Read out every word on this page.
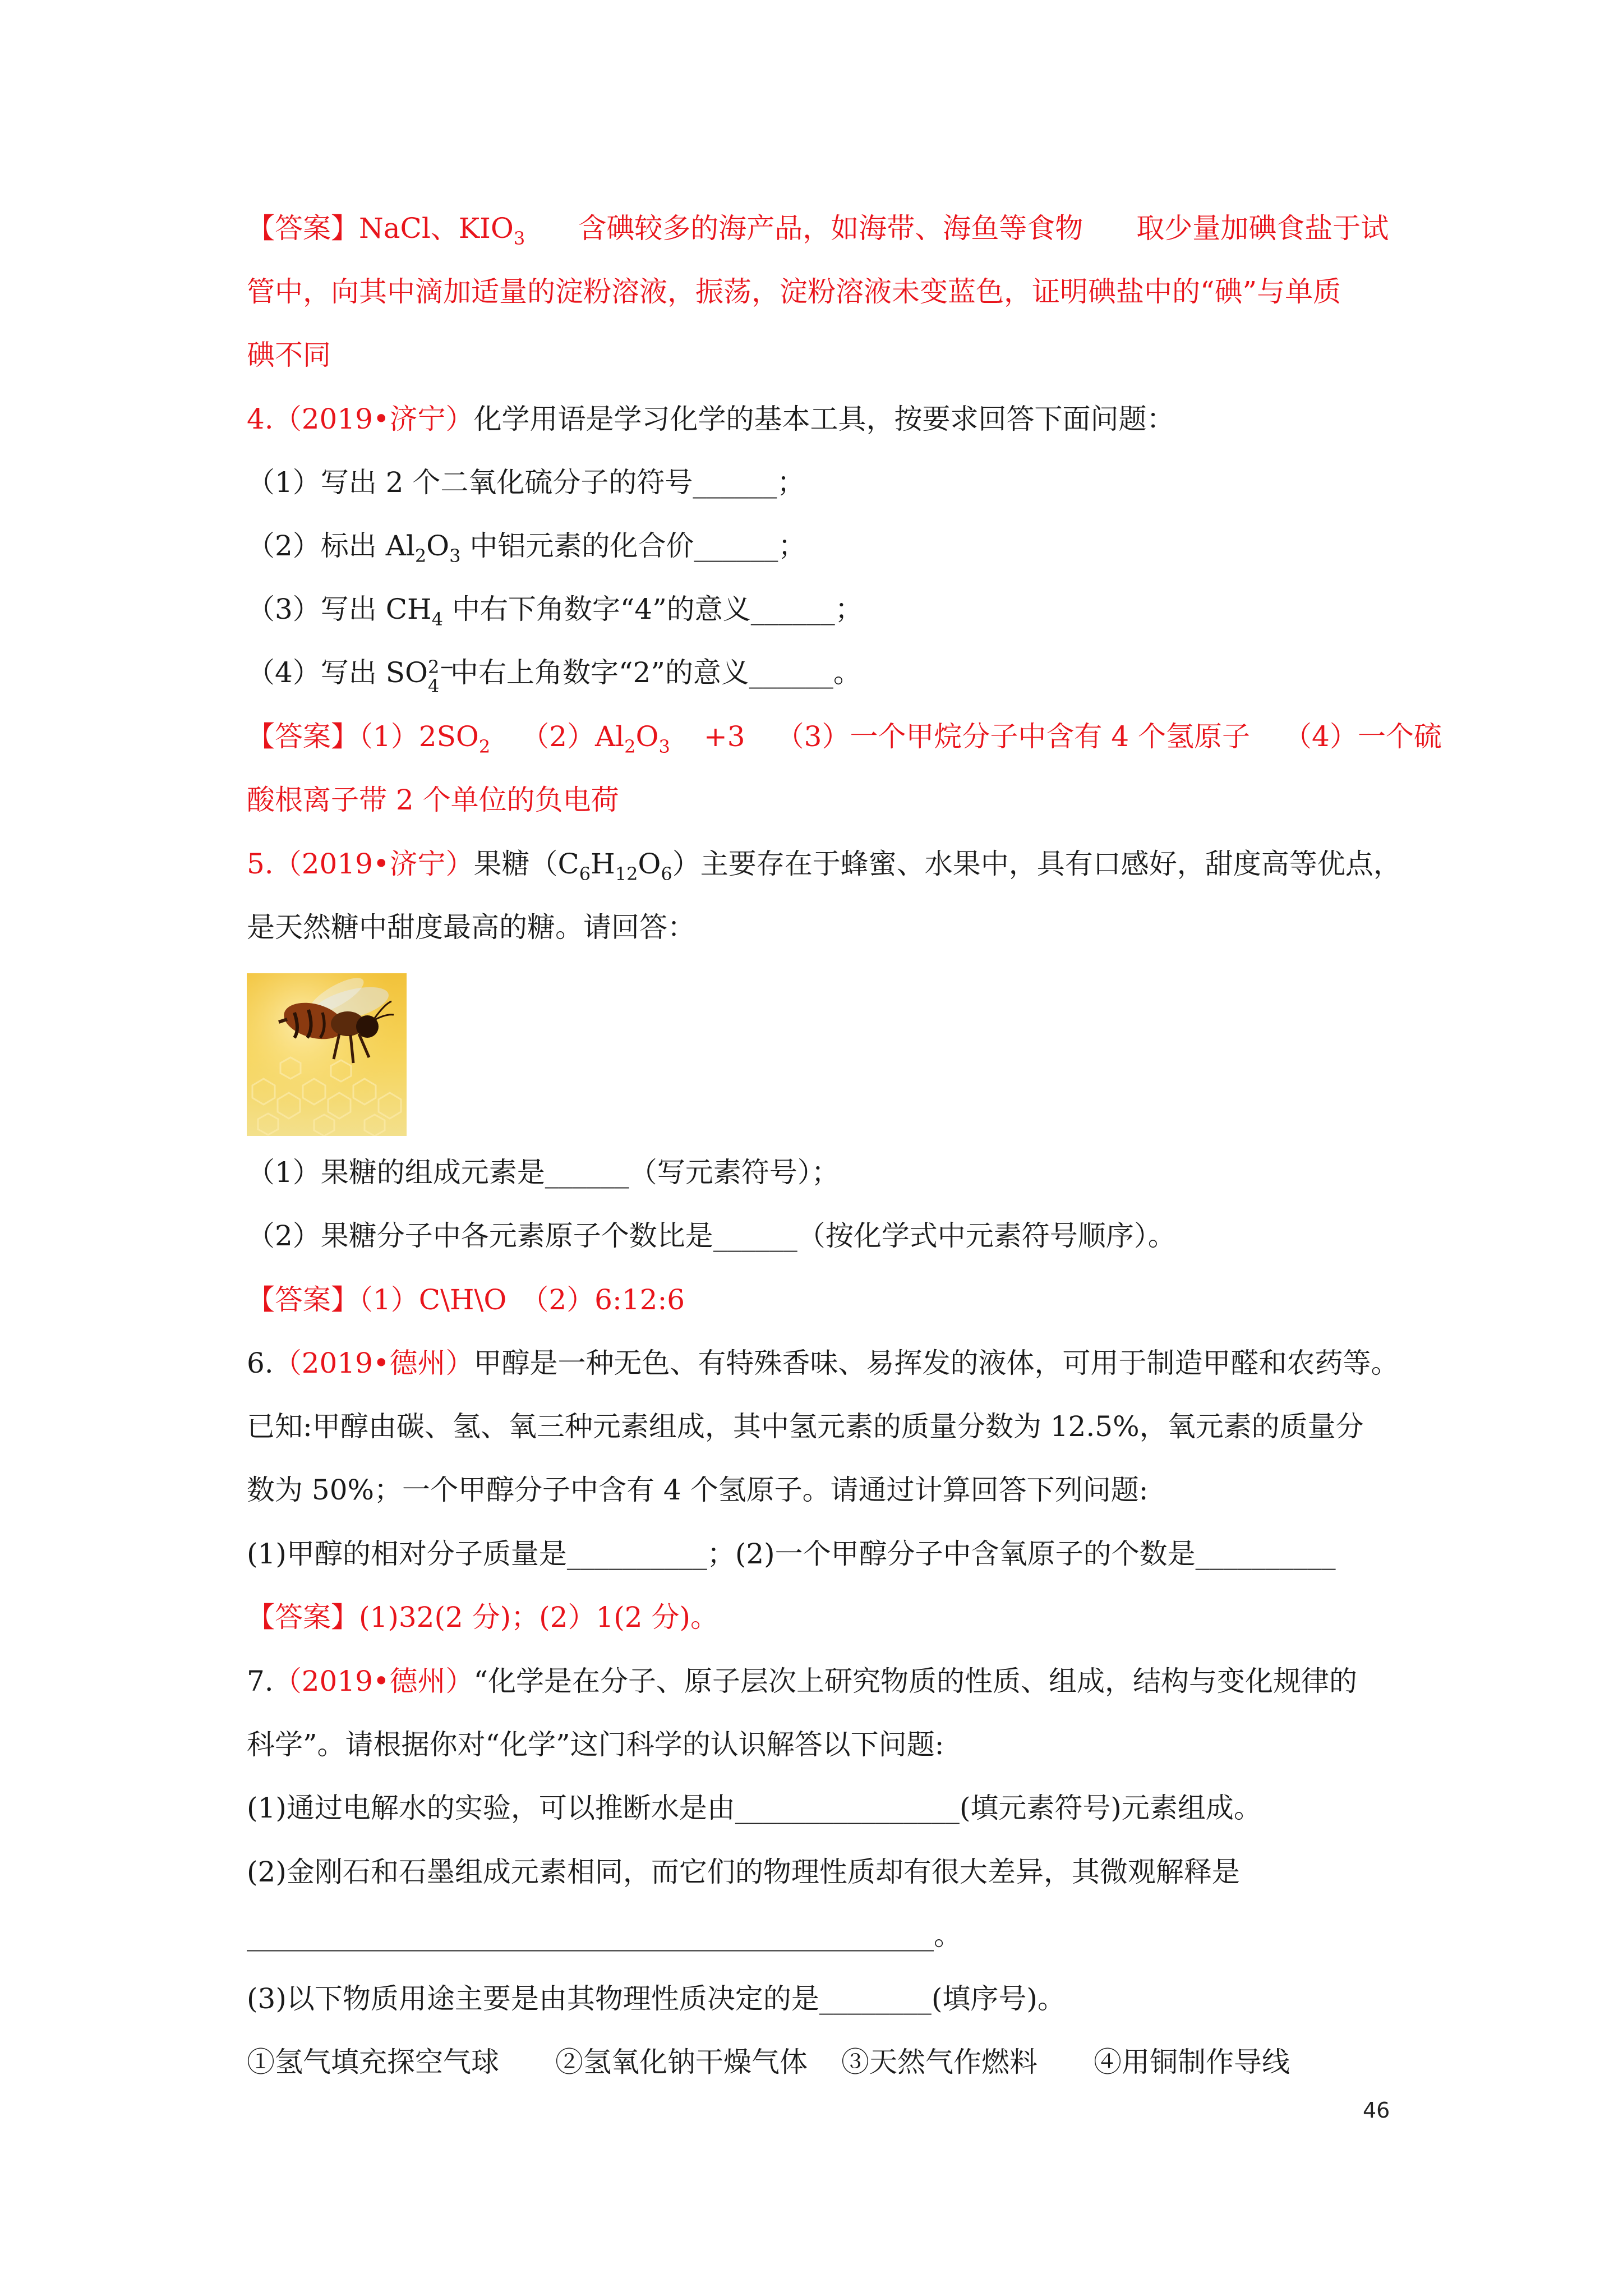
【答案】NaCl、$KIO_3$ 含碘较多的海产品，如海带、海鱼等食物 取少量加碘食盐于试
管中，向其中滴加适量的淀粉溶液，振荡，淀粉溶液未变蓝色，证明碘盐中的“碘”与单质
碘不同
4.（2019•济宁）化学用语是学习化学的基本工具，按要求回答下面问题：
（1）写出 2 个二氧化硫分子的符号______；
（2）标出 $Al_2O_3$ 中铝元素的化合价______；
（3）写出 $CH_4$ 中右下角数字“4”的意义______；
（4）写出 SO 2−
4 中右上角数字“2”的意义______。
【答案】$(1)2SO_2$ $(2)Al_2O_3 +3$ （3）一个甲烷分子中含有 4 个氢原子 （4）一个硫
酸根离子带 2 个单位的负电荷
5.（2019•济宁）果糖$(C_6H_{12}O_6)$主要存在于蜂蜜、水果中，具有口感好，甜度高等优点，
是天然糖中甜度最高的糖。请回答：
（1）果糖的组成元素是______（写元素符号）；
（2）果糖分子中各元素原子个数比是______（按化学式中元素符号顺序）。
【答案】（1）C\H\O　（2）6:12:6
6.（2019•德州）甲醇是一种无色、有特殊香味、易挥发的液体，可用于制造甲醛和农药等。
已知:甲醇由碳、氢、氧三种元素组成，其中氢元素的质量分数为 12.5%，氧元素的质量分
数为 50%；一个甲醇分子中含有 4 个氢原子。请通过计算回答下列问题:
(1)甲醇的相对分子质量是__________；(2)一个甲醇分子中含氧原子的个数是__________
【答案】(1)32(2 分)；(2）1(2 分)。
7.（2019•德州）“化学是在分子、原子层次上研究物质的性质、组成，结构与变化规律的
科学”。请根据你对“化学”这门科学的认识解答以下问题:
(1)通过电解水的实验，可以推断水是由________________(填元素符号)元素组成。
(2)金刚石和石墨组成元素相同，而它们的物理性质却有很大差异，其微观解释是
_________________________________________________。
(3)以下物质用途主要是由其物理性质决定的是________(填序号)。
①氢气填充探空气球 ②氢氧化钠干燥气体 ③天然气作燃料 ④用铜制作导线
46
